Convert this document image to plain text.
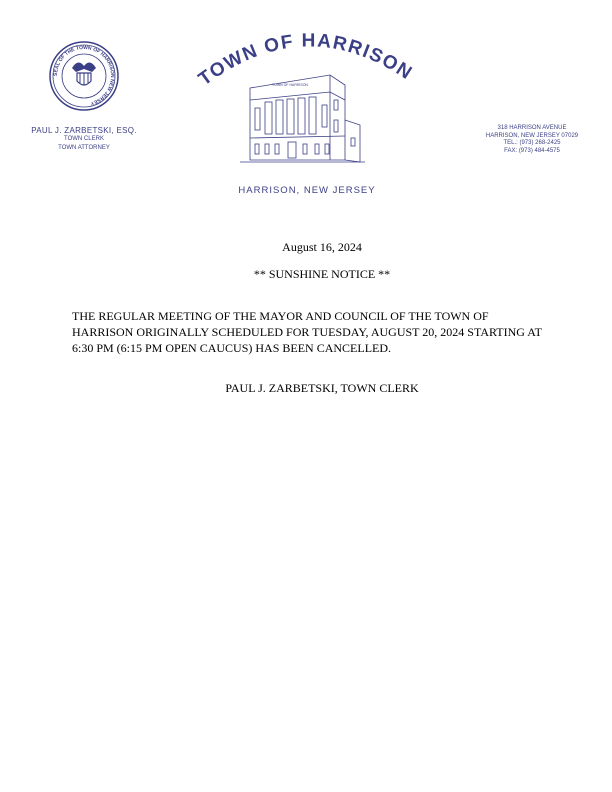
SEAL OF THE TOWN OF HARRISON NEW JERSEY
PAUL J. ZARBETSKI, ESQ.
TOWN CLERK
TOWN ATTORNEY
TOWN OF HARRISON
TOWN OF HARRISON
HARRISON, NEW JERSEY
318 HARRISON AVENUE
HARRISON, NEW JERSEY 07029
TEL.: (973) 268-2425
FAX: (973) 484-4575
August 16, 2024
** SUNSHINE NOTICE **
THE REGULAR MEETING OF THE MAYOR AND COUNCIL OF THE TOWN OF
HARRISON ORIGINALLY SCHEDULED FOR TUESDAY, AUGUST 20, 2024 STARTING AT
6:30 PM (6:15 PM OPEN CAUCUS) HAS BEEN CANCELLED.
PAUL J. ZARBETSKI, TOWN CLERK
